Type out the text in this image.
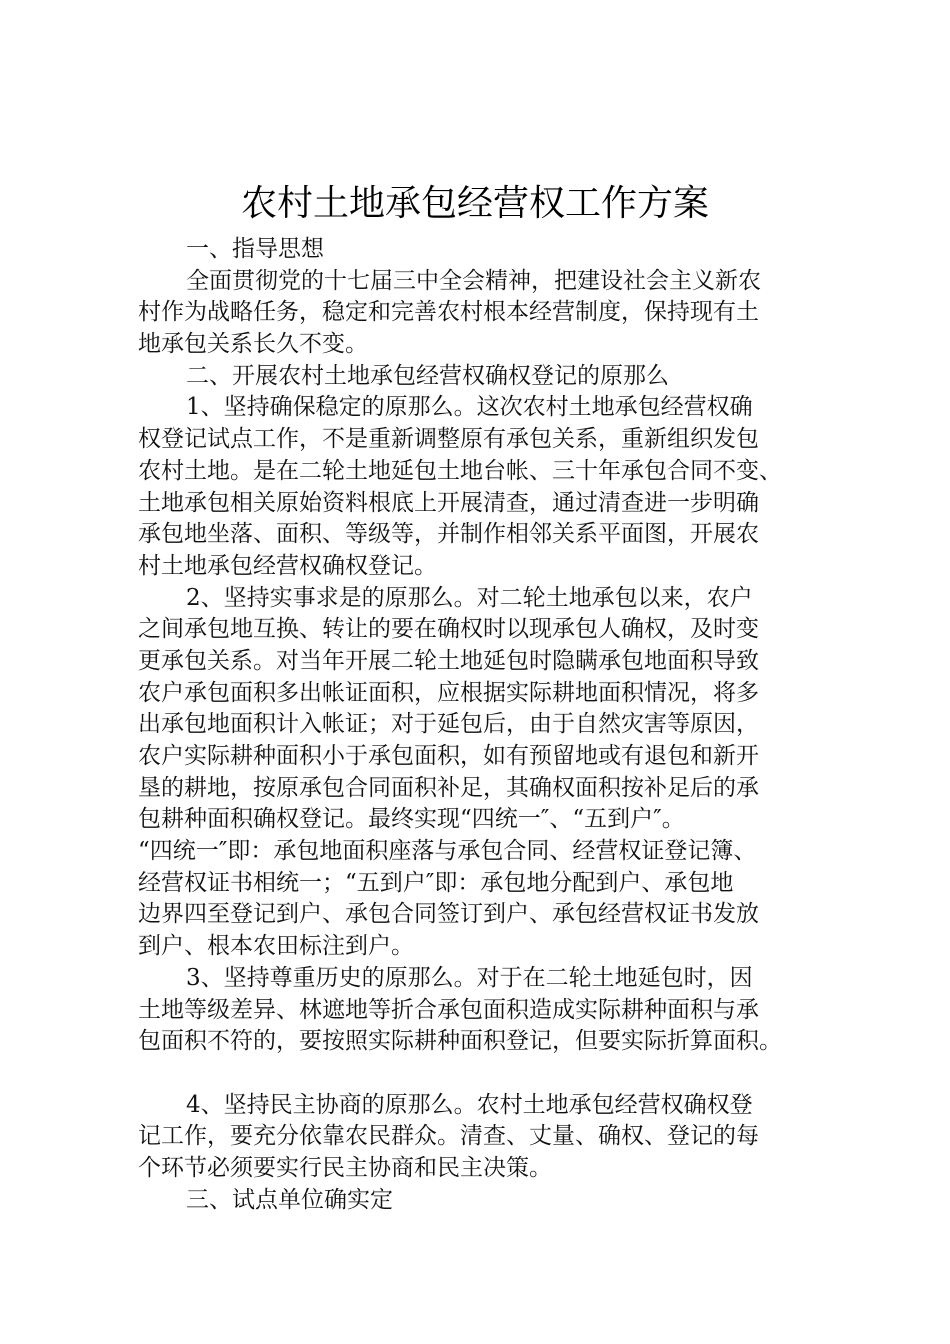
农村土地承包经营权工作方案
一、指导思想
全面贯彻党的十七届三中全会精神，把建设社会主义新农
村作为战略任务，稳定和完善农村根本经营制度，保持现有土
地承包关系长久不变。
二、开展农村土地承包经营权确权登记的原那么
1、坚持确保稳定的原那么。这次农村土地承包经营权确
权登记试点工作，不是重新调整原有承包关系，重新组织发包
农村土地。是在二轮土地延包土地台帐、三十年承包合同不变、
土地承包相关原始资料根底上开展清查，通过清查进一步明确
承包地坐落、面积、等级等，并制作相邻关系平面图，开展农
村土地承包经营权确权登记。
2、坚持实事求是的原那么。对二轮土地承包以来，农户
之间承包地互换、转让的要在确权时以现承包人确权，及时变
更承包关系。对当年开展二轮土地延包时隐瞒承包地面积导致
农户承包面积多出帐证面积，应根据实际耕地面积情况，将多
出承包地面积计入帐证；对于延包后，由于自然灾害等原因，
农户实际耕种面积小于承包面积，如有预留地或有退包和新开
垦的耕地，按原承包合同面积补足，其确权面积按补足后的承
包耕种面积确权登记。最终实现“四统一″、“五到户″。
“四统一″即：承包地面积座落与承包合同、经营权证登记簿、
经营权证书相统一；“五到户″即：承包地分配到户、承包地
边界四至登记到户、承包合同签订到户、承包经营权证书发放
到户、根本农田标注到户。
3、坚持尊重历史的原那么。对于在二轮土地延包时，因
土地等级差异、林遮地等折合承包面积造成实际耕种面积与承
包面积不符的，要按照实际耕种面积登记，但要实际折算面积。
4、坚持民主协商的原那么。农村土地承包经营权确权登
记工作，要充分依靠农民群众。清查、丈量、确权、登记的每
个环节必须要实行民主协商和民主决策。
三、试点单位确实定
